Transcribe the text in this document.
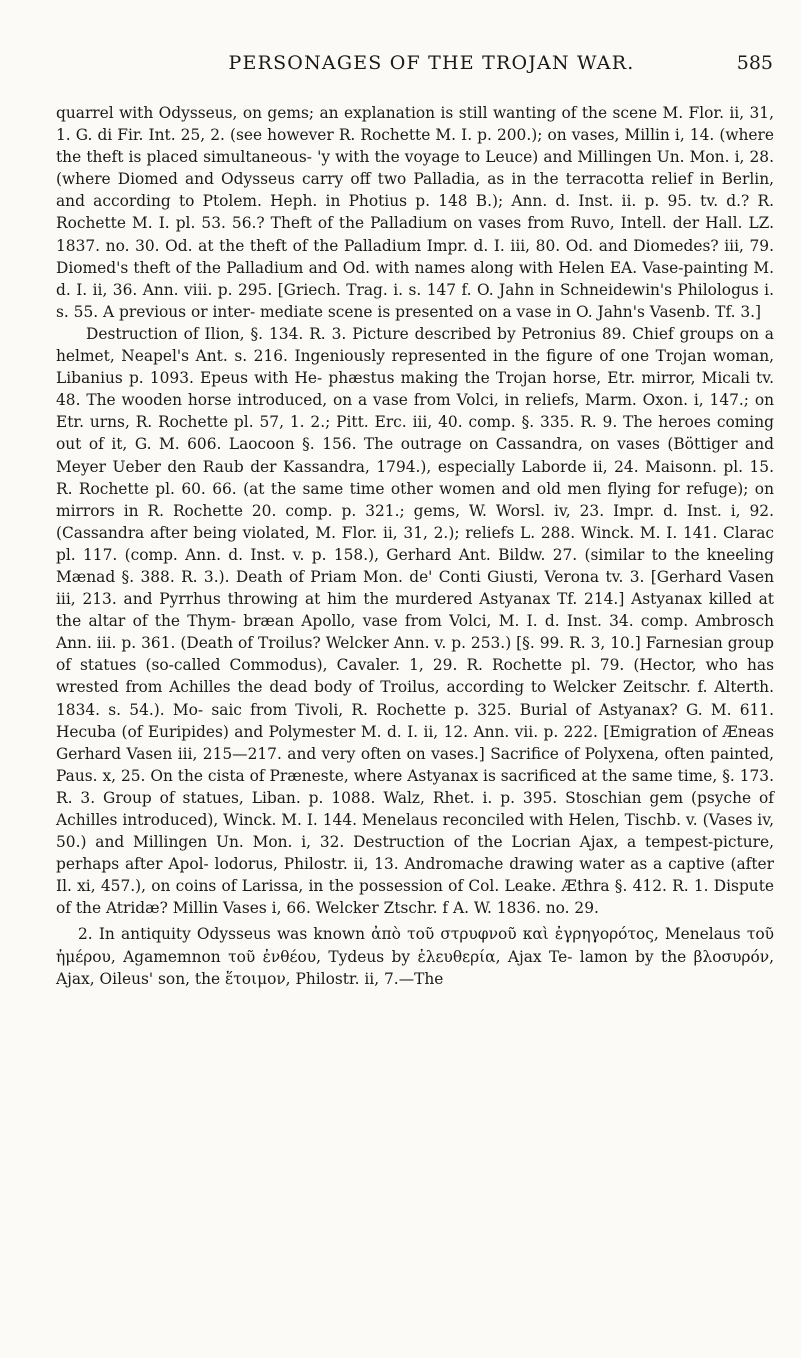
PERSONAGES OF THE TROJAN WAR.	585

quarrel with Odysseus, on gems; an explanation is still wanting of the scene M. Flor. ii, 31, 1. G. di Fir. Int. 25, 2. (see however R. Rochette M. I. p. 200.); on vases, Millin i, 14. (where the theft is placed simultaneous- 'y with the voyage to Leuce) and Millingen Un. Mon. i, 28. (where Diomed and Odysseus carry off two Palladia, as in the terracotta relief in Berlin, and according to Ptolem. Heph. in Photius p. 148 B.); Ann. d. Inst. ii. p. 95. tv. d.? R. Rochette M. I. pl. 53. 56.? Theft of the Palladium on vases from Ruvo, Intell. der Hall. LZ. 1837. no. 30. Od. at the theft of the Palladium Impr. d. I. iii, 80. Od. and Diomedes? iii, 79. Diomed's theft of the Palladium and Od. with names along with Helen EA. Vase-painting M. d. I. ii, 36. Ann. viii. p. 295. [Griech. Trag. i. s. 147 f. O. Jahn in Schneidewin's Philologus i. s. 55. A previous or inter- mediate scene is presented on a vase in O. Jahn's Vasenb. Tf. 3.]

Destruction of Ilion, §. 134. R. 3. Picture described by Petronius 89. Chief groups on a helmet, Neapel's Ant. s. 216. Ingeniously represented in the figure of one Trojan woman, Libanius p. 1093. Epeus with He- phæstus making the Trojan horse, Etr. mirror, Micali tv. 48. The wooden horse introduced, on a vase from Volci, in reliefs, Marm. Oxon. i, 147.; on Etr. urns, R. Rochette pl. 57, 1. 2.; Pitt. Erc. iii, 40. comp. §. 335. R. 9. The heroes coming out of it, G. M. 606. Laocoon §. 156. The outrage on Cassandra, on vases (Böttiger and Meyer Ueber den Raub der Kassandra, 1794.), especially Laborde ii, 24. Maisonn. pl. 15. R. Rochette pl. 60. 66. (at the same time other women and old men flying for refuge); on mirrors in R. Rochette 20. comp. p. 321.; gems, W. Worsl. iv, 23. Impr. d. Inst. i, 92. (Cassandra after being violated, M. Flor. ii, 31, 2.); reliefs L. 288. Winck. M. I. 141. Clarac pl. 117. (comp. Ann. d. Inst. v. p. 158.), Gerhard Ant. Bildw. 27. (similar to the kneeling Mænad §. 388. R. 3.). Death of Priam Mon. de' Conti Giusti, Verona tv. 3. [Gerhard Vasen iii, 213. and Pyrrhus throwing at him the murdered Astyanax Tf. 214.] Astyanax killed at the altar of the Thym- bræan Apollo, vase from Volci, M. I. d. Inst. 34. comp. Ambrosch Ann. iii. p. 361. (Death of Troilus? Welcker Ann. v. p. 253.) [§. 99. R. 3, 10.] Farnesian group of statues (so-called Commodus), Cavaler. 1, 29. R. Rochette pl. 79. (Hector, who has wrested from Achilles the dead body of Troilus, according to Welcker Zeitschr. f. Alterth. 1834. s. 54.). Mo- saic from Tivoli, R. Rochette p. 325. Burial of Astyanax? G. M. 611. Hecuba (of Euripides) and Polymester M. d. I. ii, 12. Ann. vii. p. 222. [Emigration of Æneas Gerhard Vasen iii, 215—217. and very often on vases.] Sacrifice of Polyxena, often painted, Paus. x, 25. On the cista of Præneste, where Astyanax is sacrificed at the same time, §. 173. R. 3. Group of statues, Liban. p. 1088. Walz, Rhet. i. p. 395. Stoschian gem (psyche of Achilles introduced), Winck. M. I. 144. Menelaus reconciled with Helen, Tischb. v. (Vases iv, 50.) and Millingen Un. Mon. i, 32. Destruction of the Locrian Ajax, a tempest-picture, perhaps after Apol- lodorus, Philostr. ii, 13. Andromache drawing water as a captive (after Il. xi, 457.), on coins of Larissa, in the possession of Col. Leake. Æthra §. 412. R. 1. Dispute of the Atridæ? Millin Vases i, 66. Welcker Ztschr. f A. W. 1836. no. 29.

2. In antiquity Odysseus was known ἀπὸ τοῦ στρυφνοῦ καὶ ἐγρηγορότος, Menelaus τοῦ ἡμέρου, Agamemnon τοῦ ἐνθέου, Tydeus by ἐλευθερία, Ajax Te- lamon by the βλοσυρόν, Ajax, Oileus' son, the ἕτοιμον, Philostr. ii, 7.—The
